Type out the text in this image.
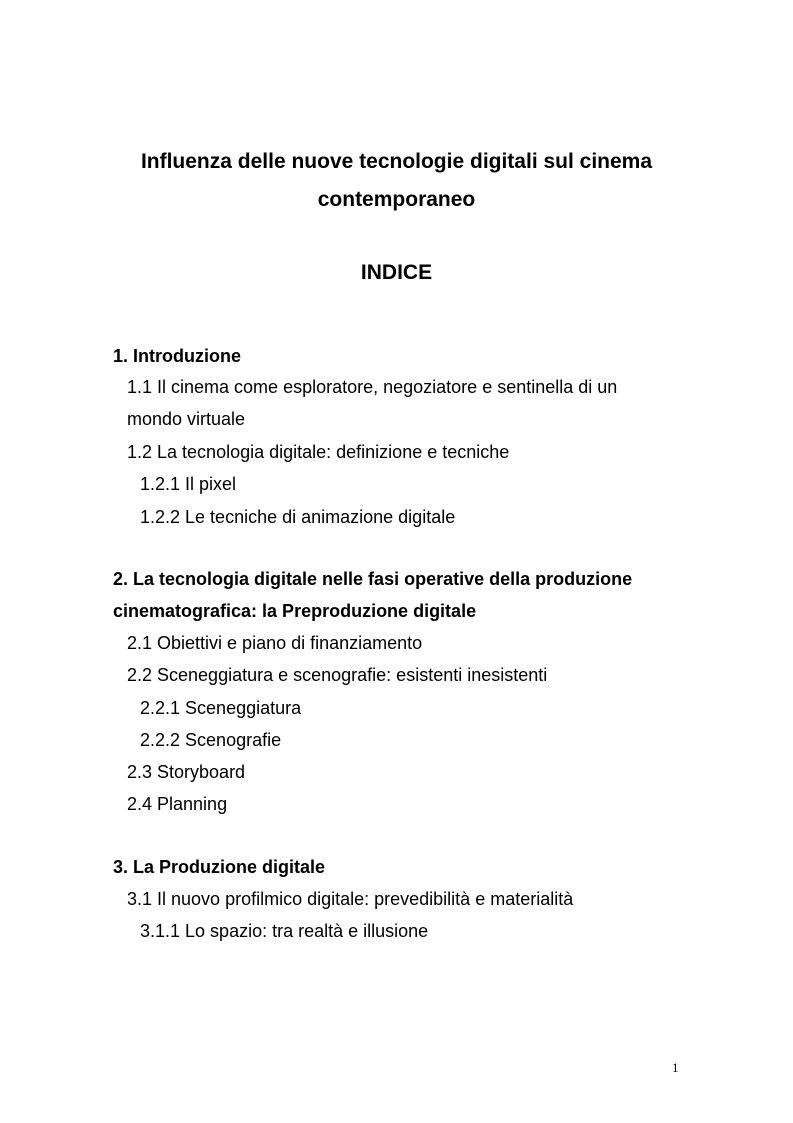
Influenza delle nuove tecnologie digitali sul cinema
contemporaneo
INDICE
1. Introduzione
1.1 Il cinema come esploratore, negoziatore e sentinella di un
mondo virtuale
1.2 La tecnologia digitale: definizione e tecniche
1.2.1 Il pixel
1.2.2 Le tecniche di animazione digitale
2. La tecnologia digitale nelle fasi operative della produzione
cinematografica: la Preproduzione digitale
2.1 Obiettivi e piano di finanziamento
2.2 Sceneggiatura e scenografie: esistenti inesistenti
2.2.1 Sceneggiatura
2.2.2 Scenografie
2.3 Storyboard
2.4 Planning
3. La Produzione digitale
3.1 Il nuovo profilmico digitale: prevedibilità e materialità
3.1.1 Lo spazio: tra realtà e illusione
1
